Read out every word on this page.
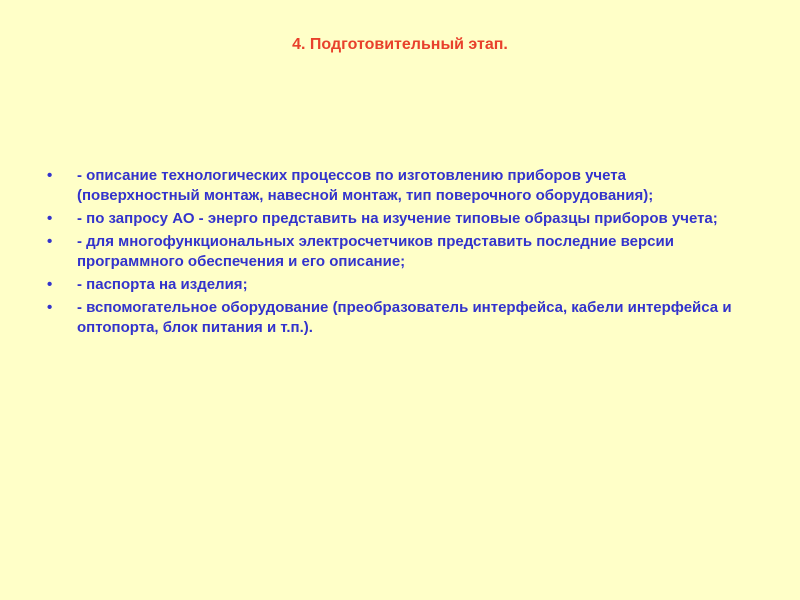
4. Подготовительный этап.
• - описание технологических процессов по изготовлению приборов учета (поверхностный монтаж, навесной монтаж, тип поверочного оборудования);
• - по запросу АО - энерго представить на изучение типовые образцы приборов учета;
• - для многофункциональных электросчетчиков представить последние версии программного обеспечения и его описание;
• - паспорта на изделия;
• - вспомогательное оборудование (преобразователь интерфейса, кабели интерфейса и оптопорта, блок питания и т.п.).
